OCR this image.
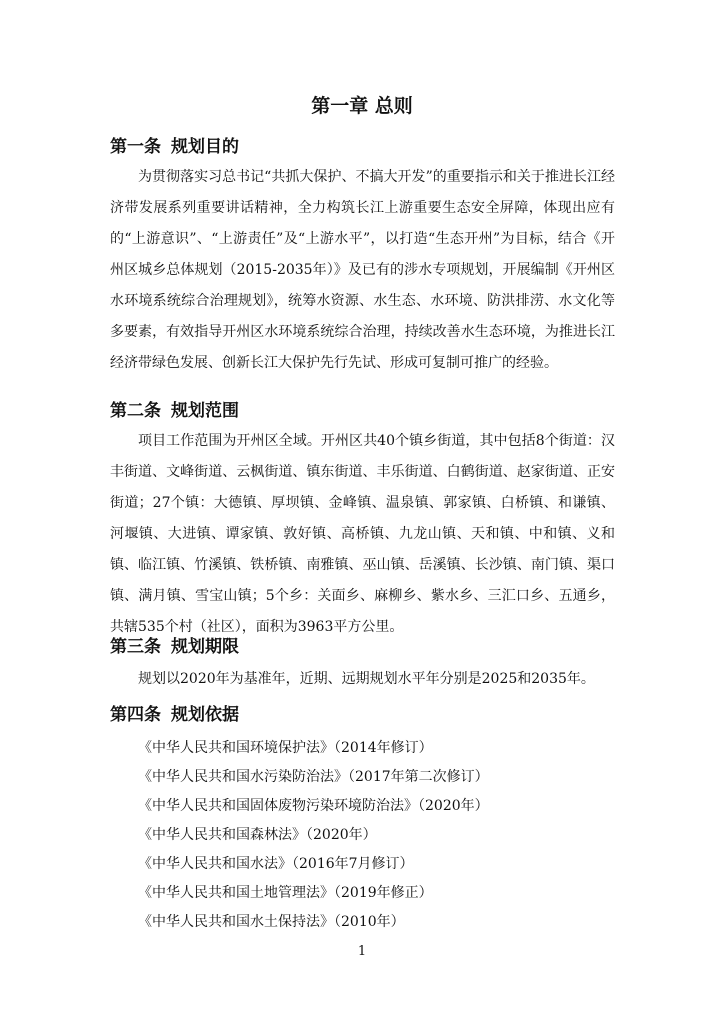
第一章 总则
第一条 规划目的

为贯彻落实习总书记“共抓大保护、不搞大开发”的重要指示和关于推进长江经济带发展系列重要讲话精神，全力构筑长江上游重要生态安全屏障，体现出应有的“上游意识”、“上游责任”及“上游水平”，以打造“生态开州”为目标，结合《开州区城乡总体规划（2015-2035年）》及已有的涉水专项规划，开展编制《开州区水环境系统综合治理规划》，统筹水资源、水生态、水环境、防洪排涝、水文化等多要素，有效指导开州区水环境系统综合治理，持续改善水生态环境，为推进长江经济带绿色发展、创新长江大保护先行先试、形成可复制可推广的经验。

第二条 规划范围

项目工作范围为开州区全域。开州区共40个镇乡街道，其中包括8个街道：汉丰街道、文峰街道、云枫街道、镇东街道、丰乐街道、白鹤街道、赵家街道、正安街道；27个镇：大德镇、厚坝镇、金峰镇、温泉镇、郭家镇、白桥镇、和谦镇、河堰镇、大进镇、谭家镇、敦好镇、高桥镇、九龙山镇、天和镇、中和镇、义和镇、临江镇、竹溪镇、铁桥镇、南雅镇、巫山镇、岳溪镇、长沙镇、南门镇、渠口镇、满月镇、雪宝山镇；5个乡：关面乡、麻柳乡、紫水乡、三汇口乡、五通乡，共辖535个村（社区），面积为3963平方公里。

第三条 规划期限

规划以2020年为基准年，近期、远期规划水平年分别是2025和2035年。

第四条 规划依据
《中华人民共和国环境保护法》（2014年修订）
《中华人民共和国水污染防治法》（2017年第二次修订）
《中华人民共和国固体废物污染环境防治法》（2020年）
《中华人民共和国森林法》（2020年）
《中华人民共和国水法》（2016年7月修订）
《中华人民共和国土地管理法》（2019年修正）
《中华人民共和国水土保持法》（2010年）
1
